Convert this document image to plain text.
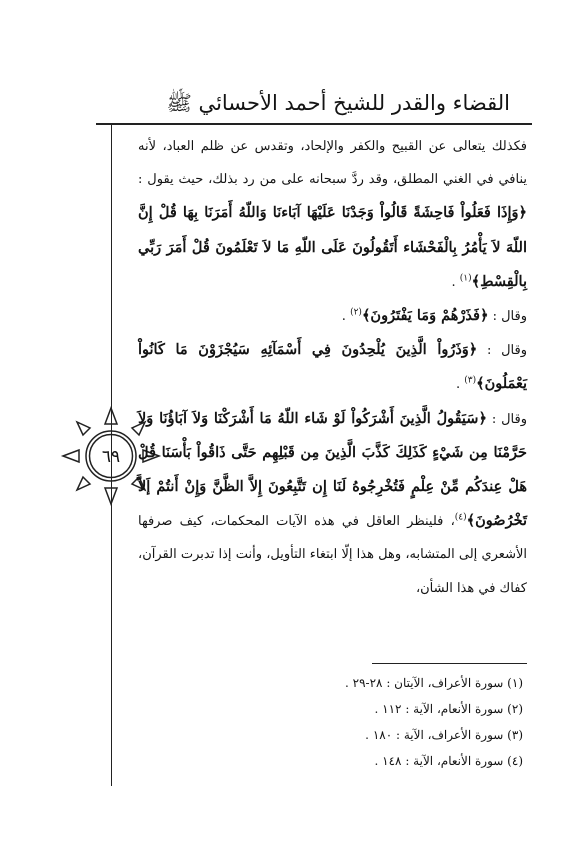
القضاء والقدر للشيخ أحمد الأحسائي ﷺ
٦٩

فكذلك يتعالى عن القبيح والكفر والإلحاد، وتقدس عن ظلم العباد، لأنه ينافي في الغني المطلق، وقد ردَّ سبحانه على من رد بذلك، حيث يقول : ﴿وَإِذَا فَعَلُواْ فَاحِشَةً قَالُواْ وَجَدْنَا عَلَيْهَا آبَاءنَا وَاللّهُ أَمَرَنَا بِهَا قُلْ إِنَّ اللّهَ لاَ يَأْمُرُ بِالْفَحْشَاء أَتَقُولُونَ عَلَى اللّهِ مَا لاَ تَعْلَمُونَ قُلْ أَمَرَ رَبِّي بِالْقِسْطِ﴾$^{(١)}$ .

وقال : ﴿فَذَرْهُمْ وَمَا يَفْتَرُونَ﴾$^{(٢)}$ .

وقال : ﴿وَذَرُواْ الَّذِينَ يُلْحِدُونَ فِي أَسْمَآئِهِ سَيُجْزَوْنَ مَا كَانُواْ يَعْمَلُونَ﴾$^{(٣)}$ .

وقال : ﴿سَيَقُولُ الَّذِينَ أَشْرَكُواْ لَوْ شَاء اللّهُ مَا أَشْرَكْنَا وَلاَ آبَاؤُنَا وَلاَ حَرَّمْنَا مِن شَيْءٍ كَذَلِكَ كَذَّبَ الَّذِينَ مِن قَبْلِهِم حَتَّى ذَاقُواْ بَأْسَنَا قُلْ هَلْ عِندَكُم مِّنْ عِلْمٍ فَتُخْرِجُوهُ لَنَا إِن تَتَّبِعُونَ إِلاَّ الظَّنَّ وَإِنْ أَنتُمْ إَلاَّ تَخْرُصُونَ﴾$^{(٤)}$، فلينظر العاقل في هذه الآيات المحكمات، كيف صرفها الأشعري إلى المتشابه، وهل هذا إلّا ابتغاء التأويل، وأنت إذا تدبرت القرآن، كفاك في هذا الشأن،

(١) سورة الأعراف، الآيتان : ٢٨-٢٩ .
(٢) سورة الأنعام، الآية : ١١٢ .
(٣) سورة الأعراف، الآية : ١٨٠ .
(٤) سورة الأنعام، الآية : ١٤٨ .
